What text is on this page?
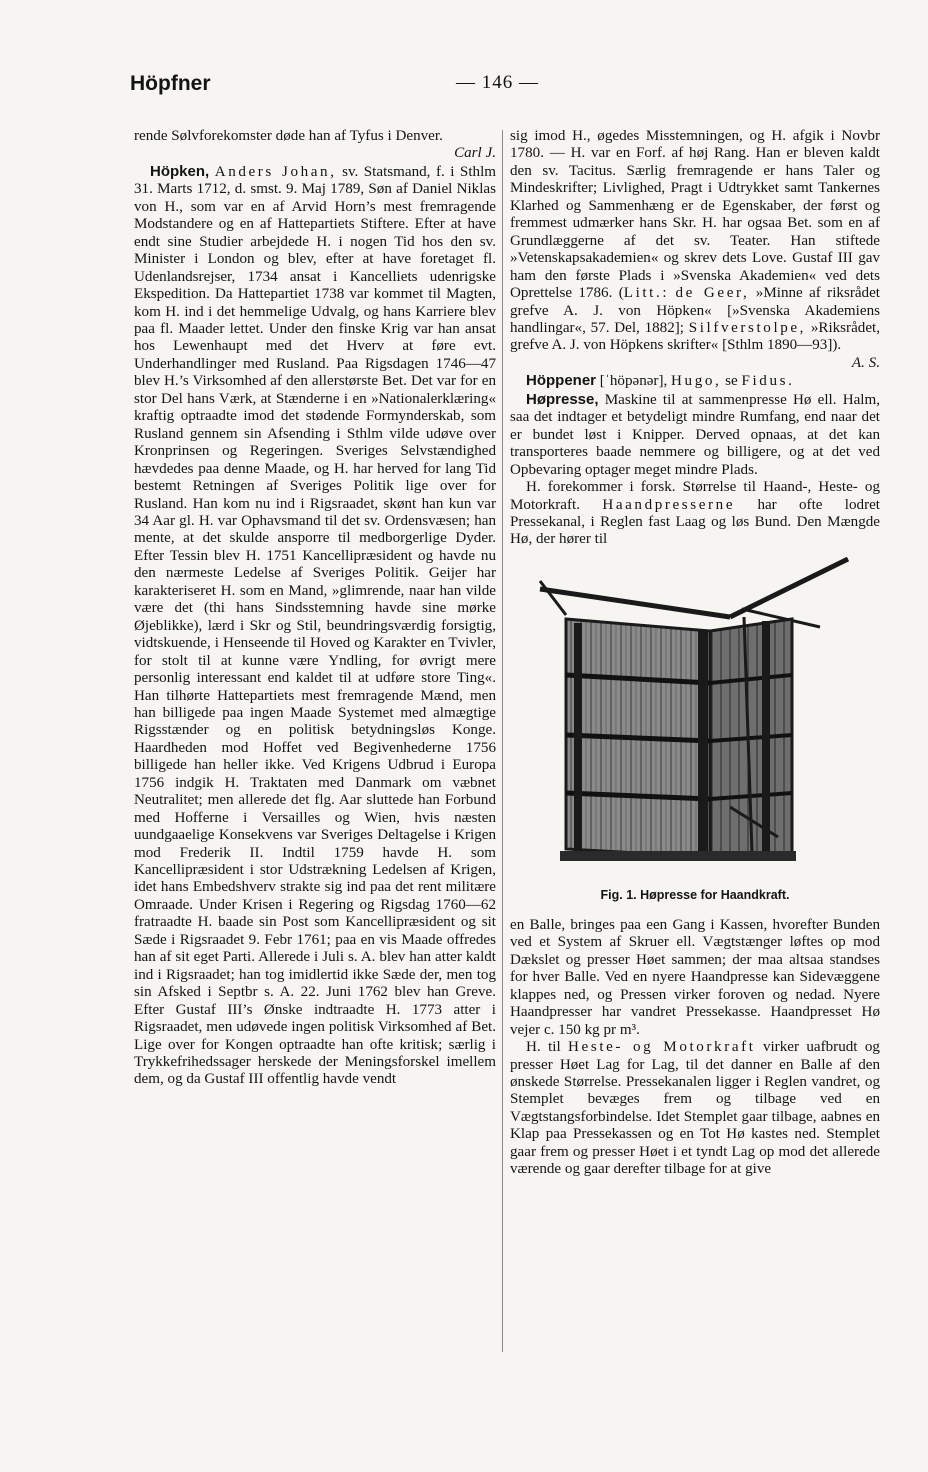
Höpfner	— 146 —

rende Sølvforekomster døde han af Tyfus i Denver.
Carl J.

Höpken, Anders Johan, sv. Statsmand, f. i Sthlm 31. Marts 1712, d. smst. 9. Maj 1789, Søn af Daniel Niklas von H., som var en af Arvid Horn’s mest fremragende Modstandere og en af Hattepartiets Stiftere. Efter at have endt sine Studier arbejdede H. i nogen Tid hos den sv. Minister i London og blev, efter at have foretaget fl. Udenlandsrejser, 1734 ansat i Kancelliets udenrigske Ekspedition. Da Hattepartiet 1738 var kommet til Magten, kom H. ind i det hemmelige Udvalg, og hans Karriere blev paa fl. Maader lettet. Under den finske Krig var han ansat hos Lewenhaupt med det Hverv at føre evt. Underhandlinger med Rusland. Paa Rigsdagen 1746—47 blev H.’s Virksomhed af den allerstørste Bet. Det var for en stor Del hans Værk, at Stænderne i en »Nationalerklæring« kraftig optraadte imod det stødende Formynderskab, som Rusland gennem sin Afsending i Sthlm vilde udøve over Kronprinsen og Regeringen. Sveriges Selvstændighed hævdedes paa denne Maade, og H. har herved for lang Tid bestemt Retningen af Sveriges Politik lige over for Rusland. Han kom nu ind i Rigsraadet, skønt han kun var 34 Aar gl. H. var Ophavsmand til det sv. Ordensvæsen; han mente, at det skulde ansporre til medborgerlige Dyder. Efter Tessin blev H. 1751 Kancellipræsident og havde nu den nærmeste Ledelse af Sveriges Politik. Geijer har karakteriseret H. som en Mand, »glimrende, naar han vilde være det (thi hans Sindsstemning havde sine mørke Øjeblikke), lærd i Skr og Stil, beundringsværdig forsigtig, vidtskuende, i Henseende til Hoved og Karakter en Tvivler, for stolt til at kunne være Yndling, for øvrigt mere personlig interessant end kaldet til at udføre store Ting«. Han tilhørte Hattepartiets mest fremragende Mænd, men han billigede paa ingen Maade Systemet med almægtige Rigsstænder og en politisk betydningsløs Konge. Haardheden mod Hoffet ved Begivenhederne 1756 billigede han heller ikke. Ved Krigens Udbrud i Europa 1756 indgik H. Traktaten med Danmark om væbnet Neutralitet; men allerede det flg. Aar sluttede han Forbund med Hofferne i Versailles og Wien, hvis næsten uundgaaelige Konsekvens var Sveriges Deltagelse i Krigen mod Frederik II. Indtil 1759 havde H. som Kancellipræsident i stor Udstrækning Ledelsen af Krigen, idet hans Embedshverv strakte sig ind paa det rent militære Omraade. Under Krisen i Regering og Rigsdag 1760—62 fratraadte H. baade sin Post som Kancellipræsident og sit Sæde i Rigsraadet 9. Febr 1761; paa en vis Maade offredes han af sit eget Parti. Allerede i Juli s. A. blev han atter kaldt ind i Rigsraadet; han tog imidlertid ikke Sæde der, men tog sin Afsked i Septbr s. A. 22. Juni 1762 blev han Greve. Efter Gustaf III’s Ønske indtraadte H. 1773 atter i Rigsraadet, men udøvede ingen politisk Virksomhed af Bet. Lige over for Kongen optraadte han ofte kritisk; særlig i Trykkefrihedssager herskede der Meningsforskel imellem dem, og da Gustaf III offentlig havde vendt

sig imod H., øgedes Misstemningen, og H. afgik i Novbr 1780. — H. var en Forf. af høj Rang. Han er bleven kaldt den sv. Tacitus. Særlig fremragende er hans Taler og Mindeskrifter; Livlighed, Pragt i Udtrykket samt Tankernes Klarhed og Sammenhæng er de Egenskaber, der først og fremmest udmærker hans Skr. H. har ogsaa Bet. som en af Grundlæggerne af det sv. Teater. Han stiftede »Vetenskapsakademien« og skrev dets Love. Gustaf III gav ham den første Plads i »Svenska Akademien« ved dets Oprettelse 1786. (Litt.: de Geer, »Minne af riksrådet grefve A. J. von Höpken« [»Svenska Akademiens handlingar«, 57. Del, 1882]; Silfverstolpe, »Riksrådet, grefve A. J. von Höpkens skrifter« [Sthlm 1890—93]).
A. S.

Höppener [ˈhöpənər], Hugo, se Fidus.

Høpresse, Maskine til at sammenpresse Hø ell. Halm, saa det indtager et betydeligt mindre Rumfang, end naar det er bundet løst i Knipper. Derved opnaas, at det kan transporteres baade nemmere og billigere, og at det ved Opbevaring optager meget mindre Plads.

H. forekommer i forsk. Størrelse til Haand-, Heste- og Motorkraft. Haandpresserne har ofte lodret Pressekanal, i Reglen fast Laag og løs Bund. Den Mængde Hø, der hører til

Fig. 1. Høpresse for Haandkraft.

en Balle, bringes paa een Gang i Kassen, hvorefter Bunden ved et System af Skruer ell. Vægtstænger løftes op mod Dækslet og presser Høet sammen; der maa altsaa standses for hver Balle. Ved en nyere Haandpresse kan Sidevæggene klappes ned, og Pressen virker foroven og nedad. Nyere Haandpresser har vandret Pressekasse. Haandpresset Hø vejer c. 150 kg pr m³.

H. til Heste- og Motorkraft virker uafbrudt og presser Høet Lag for Lag, til det danner en Balle af den ønskede Størrelse. Pressekanalen ligger i Reglen vandret, og Stemplet bevæges frem og tilbage ved en Vægtstangsforbindelse. Idet Stemplet gaar tilbage, aabnes en Klap paa Pressekassen og en Tot Hø kastes ned. Stemplet gaar frem og presser Høet i et tyndt Lag op mod det allerede værende og gaar derefter tilbage for at give
